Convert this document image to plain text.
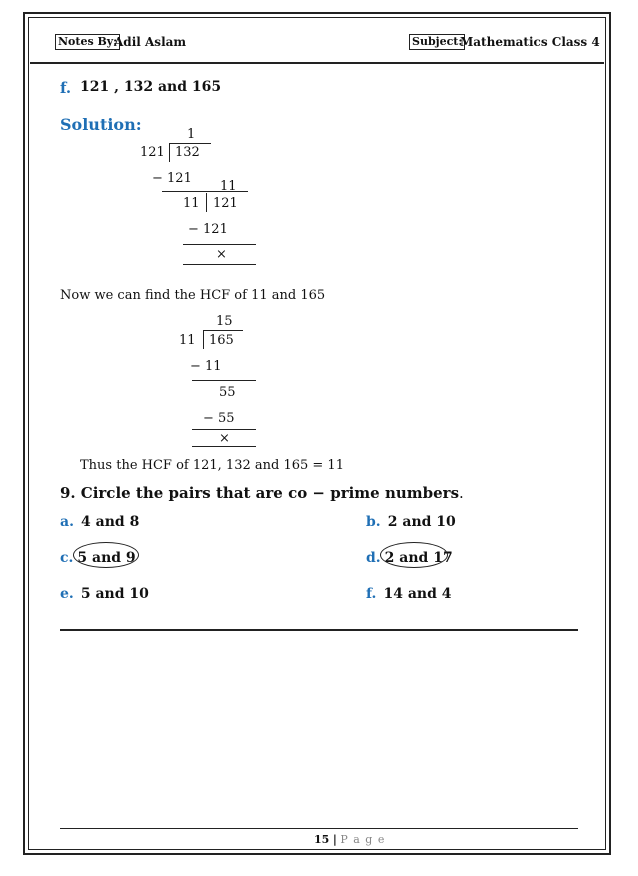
Notes By:
Adil Aslam	Subject:
Mathematics Class 4
f. 121 , 132 and 165
Solution:
1
121 132
− 121
11
11 121
− 121
×
Now we can find the HCF of 11 and 165
15
11 165
− 11
55
− 55
×
Thus the HCF of 121, 132 and 165 = 11
9. Circle the pairs that are co − prime numbers.
a. 4 and 8	b. 2 and 10
c. 5 and 9	d. 2 and 17
e. 5 and 10	f. 14 and 4
15 | P a g e
